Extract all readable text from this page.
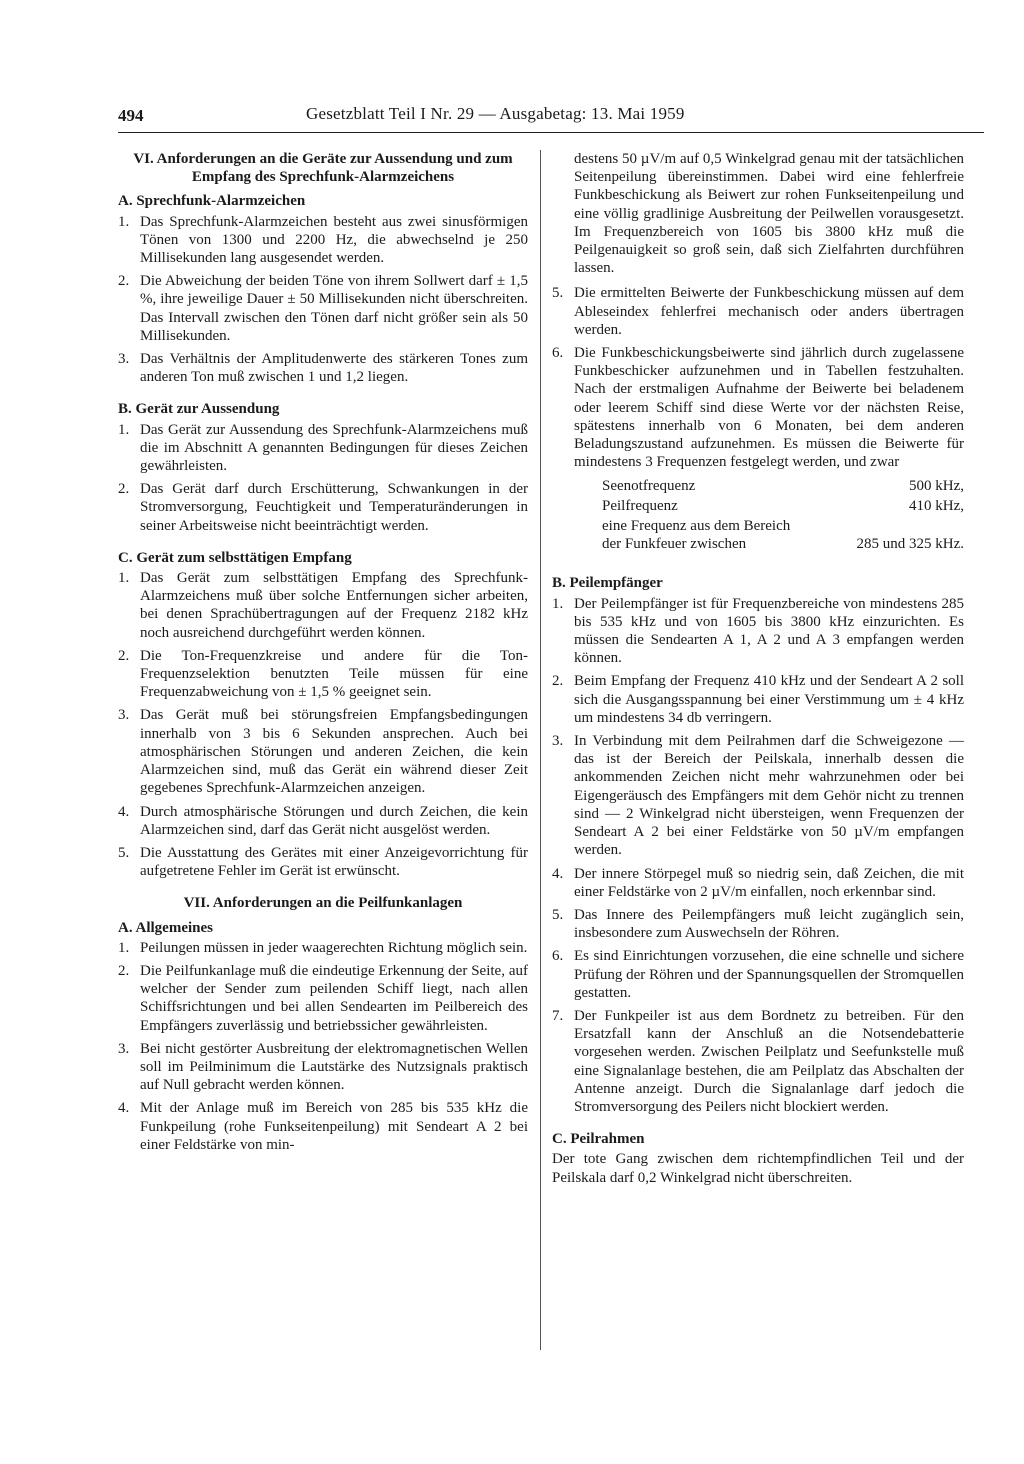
494	Gesetzblatt Teil I Nr. 29 — Ausgabetag: 13. Mai 1959
VI. Anforderungen an die Geräte zur Aussendung und zum Empfang des Sprechfunk-Alarmzeichens
A. Sprechfunk-Alarmzeichen
1. Das Sprechfunk-Alarmzeichen besteht aus zwei sinusförmigen Tönen von 1300 und 2200 Hz, die abwechselnd je 250 Millisekunden lang ausgesendet werden.
2. Die Abweichung der beiden Töne von ihrem Sollwert darf ± 1,5 %, ihre jeweilige Dauer ± 50 Millisekunden nicht überschreiten. Das Intervall zwischen den Tönen darf nicht größer sein als 50 Millisekunden.
3. Das Verhältnis der Amplitudenwerte des stärkeren Tones zum anderen Ton muß zwischen 1 und 1,2 liegen.
B. Gerät zur Aussendung
1. Das Gerät zur Aussendung des Sprechfunk-Alarmzeichens muß die im Abschnitt A genannten Bedingungen für dieses Zeichen gewährleisten.
2. Das Gerät darf durch Erschütterung, Schwankungen in der Stromversorgung, Feuchtigkeit und Temperaturänderungen in seiner Arbeitsweise nicht beeinträchtigt werden.
C. Gerät zum selbsttätigen Empfang
1. Das Gerät zum selbsttätigen Empfang des Sprechfunk-Alarmzeichens muß über solche Entfernungen sicher arbeiten, bei denen Sprachübertragungen auf der Frequenz 2182 kHz noch ausreichend durchgeführt werden können.
2. Die Ton-Frequenzkreise und andere für die Ton-Frequenzselektion benutzten Teile müssen für eine Frequenzabweichung von ± 1,5 % geeignet sein.
3. Das Gerät muß bei störungsfreien Empfangsbedingungen innerhalb von 3 bis 6 Sekunden ansprechen. Auch bei atmosphärischen Störungen und anderen Zeichen, die kein Alarmzeichen sind, muß das Gerät ein während dieser Zeit gegebenes Sprechfunk-Alarmzeichen anzeigen.
4. Durch atmosphärische Störungen und durch Zeichen, die kein Alarmzeichen sind, darf das Gerät nicht ausgelöst werden.
5. Die Ausstattung des Gerätes mit einer Anzeigevorrichtung für aufgetretene Fehler im Gerät ist erwünscht.
VII. Anforderungen an die Peilfunkanlagen
A. Allgemeines
1. Peilungen müssen in jeder waagerechten Richtung möglich sein.
2. Die Peilfunkanlage muß die eindeutige Erkennung der Seite, auf welcher der Sender zum peilenden Schiff liegt, nach allen Schiffsrichtungen und bei allen Sendearten im Peilbereich des Empfängers zuverlässig und betriebssicher gewährleisten.
3. Bei nicht gestörter Ausbreitung der elektromagnetischen Wellen soll im Peilminimum die Lautstärke des Nutzsignals praktisch auf Null gebracht werden können.
4. Mit der Anlage muß im Bereich von 285 bis 535 kHz die Funkpeilung (rohe Funkseitenpeilung) mit Sendeart A 2 bei einer Feldstärke von min-
destens 50 µV/m auf 0,5 Winkelgrad genau mit der tatsächlichen Seitenpeilung übereinstimmen. Dabei wird eine fehlerfreie Funkbeschickung als Beiwert zur rohen Funkseitenpeilung und eine völlig gradlinige Ausbreitung der Peilwellen vorausgesetzt. Im Frequenzbereich von 1605 bis 3800 kHz muß die Peilgenauigkeit so groß sein, daß sich Zielfahrten durchführen lassen.
5. Die ermittelten Beiwerte der Funkbeschickung müssen auf dem Ableseindex fehlerfrei mechanisch oder anders übertragen werden.
6. Die Funkbeschickungsbeiwerte sind jährlich durch zugelassene Funkbeschicker aufzunehmen und in Tabellen festzuhalten. Nach der erstmaligen Aufnahme der Beiwerte bei beladenem oder leerem Schiff sind diese Werte vor der nächsten Reise, spätestens innerhalb von 6 Monaten, bei dem anderen Beladungszustand aufzunehmen. Es müssen die Beiwerte für mindestens 3 Frequenzen festgelegt werden, und zwar
Seenotfrequenz	500 kHz,
Peilfrequenz	410 kHz,
eine Frequenz aus dem Bereich
der Funkfeuer zwischen	285 und 325 kHz.
B. Peilempfänger
1. Der Peilempfänger ist für Frequenzbereiche von mindestens 285 bis 535 kHz und von 1605 bis 3800 kHz einzurichten. Es müssen die Sendearten A 1, A 2 und A 3 empfangen werden können.
2. Beim Empfang der Frequenz 410 kHz und der Sendeart A 2 soll sich die Ausgangsspannung bei einer Verstimmung um ± 4 kHz um mindestens 34 db verringern.
3. In Verbindung mit dem Peilrahmen darf die Schweigezone — das ist der Bereich der Peilskala, innerhalb dessen die ankommenden Zeichen nicht mehr wahrzunehmen oder bei Eigengeräusch des Empfängers mit dem Gehör nicht zu trennen sind — 2 Winkelgrad nicht übersteigen, wenn Frequenzen der Sendeart A 2 bei einer Feldstärke von 50 µV/m empfangen werden.
4. Der innere Störpegel muß so niedrig sein, daß Zeichen, die mit einer Feldstärke von 2 µV/m einfallen, noch erkennbar sind.
5. Das Innere des Peilempfängers muß leicht zugänglich sein, insbesondere zum Auswechseln der Röhren.
6. Es sind Einrichtungen vorzusehen, die eine schnelle und sichere Prüfung der Röhren und der Spannungsquellen der Stromquellen gestatten.
7. Der Funkpeiler ist aus dem Bordnetz zu betreiben. Für den Ersatzfall kann der Anschluß an die Notsendebatterie vorgesehen werden. Zwischen Peilplatz und Seefunkstelle muß eine Signalanlage bestehen, die am Peilplatz das Abschalten der Antenne anzeigt. Durch die Signalanlage darf jedoch die Stromversorgung des Peilers nicht blockiert werden.
C. Peilrahmen
Der tote Gang zwischen dem richtempfindlichen Teil und der Peilskala darf 0,2 Winkelgrad nicht überschreiten.
